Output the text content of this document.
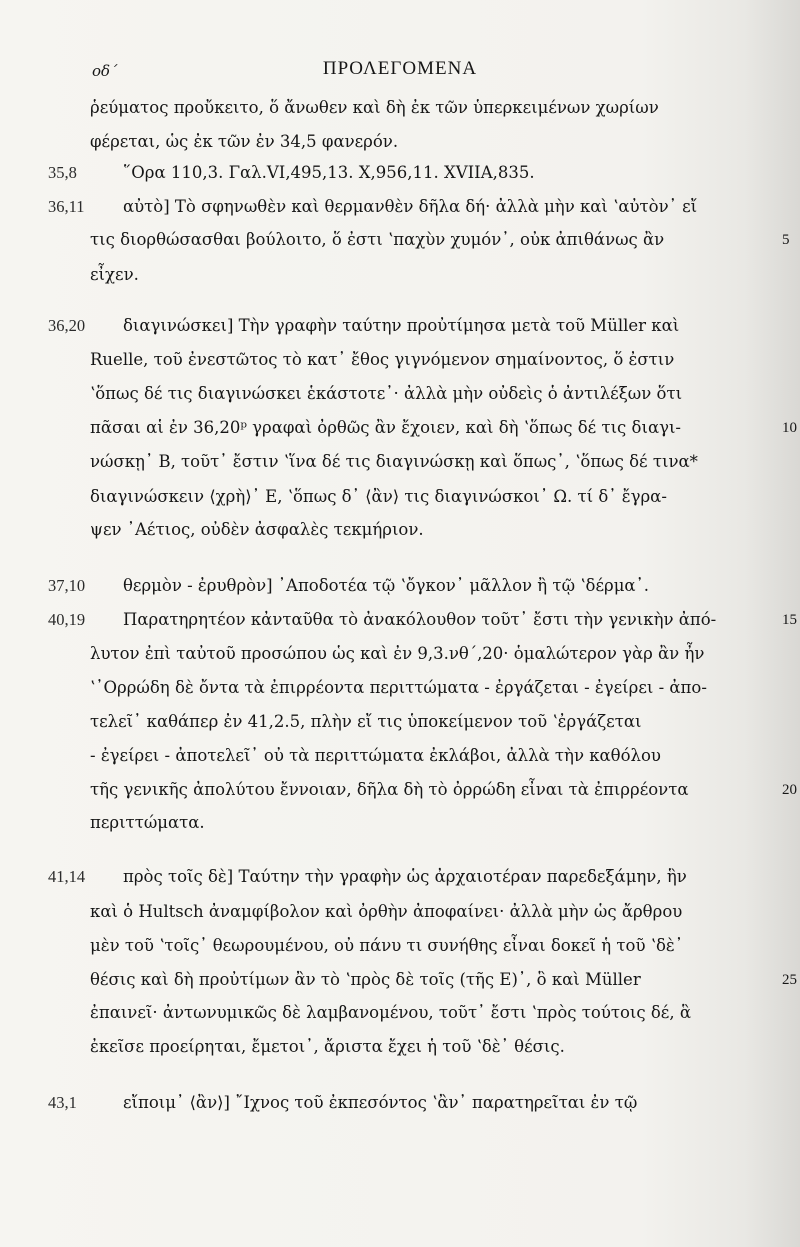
οδ΄	ΠΡΟΛΕΓΟΜΕΝΑ
ῥεύματος προὔκειτο, ὅ ἄνωθεν καὶ δὴ ἐκ τῶν ὑπερκειμένων χωρίων
φέρεται, ὡς ἐκ τῶν ἐν 34,5 φανερόν.
35,8	῞Ορα 110,3. Γαλ.VI,495,13. X,956,11. XVIIA,835.
36,11 αὐτὸ] Τὸ σφηνωθὲν καὶ θερμανθὲν δῆλα δή· ἀλλὰ μὴν καὶ ʽαὐτὸν᾽ εἴ
τις διορθώσασθαι βούλοιτο, ὅ ἐστι ʽπαχὺν χυμόν᾽, οὐκ ἀπιθάνως ἂν	5
εἶχεν.
36,20 διαγινώσκει] Τὴν γραφὴν ταύτην προὐτίμησα μετὰ τοῦ Müller καὶ
Ruelle, τοῦ ἐνεστῶτος τὸ κατ᾽ ἔθος γιγνόμενον σημαίνοντος, ὅ ἐστιν
ʽὅπως δέ τις διαγινώσκει ἑκάστοτε᾽· ἀλλὰ μὴν οὐδεὶς ὁ ἀντιλέξων ὅτι
πᾶσαι αἱ ἐν 36,20ᵖ γραφαὶ ὀρθῶς ἂν ἔχοιεν, καὶ δὴ ʽὅπως δέ τις διαγι-	10
νώσκῃ᾽ B, τοῦτ᾽ ἔστιν ʽἵνα δέ τις διαγινώσκῃ καὶ ὅπως᾽, ʽὅπως δέ τινα*
διαγινώσκειν ⟨χρὴ⟩᾽ E, ʽὅπως δ᾽ ⟨ἂν⟩ τις διαγινώσκοι᾽ Ω. τί δ᾽ ἔγρα-
ψεν ᾽Αέτιος, οὐδὲν ἀσφαλὲς τεκμήριον.
37,10 θερμὸν - ἐρυθρὸν] ᾽Αποδοτέα τῷ ʽὄγκον᾽ μᾶλλον ἢ τῷ ʽδέρμα᾽.
40,19 Παρατηρητέον κἀνταῦθα τὸ ἀνακόλουθον τοῦτ᾽ ἔστι τὴν γενικὴν ἀπό-	15
λυτον ἐπὶ ταὐτοῦ προσώπου ὡς καὶ ἐν 9,3.νθ΄,20· ὁμαλώτερον γὰρ ἂν ἦν
ʽ᾽Ορρώδη δὲ ὄντα τὰ ἐπιρρέοντα περιττώματα - ἐργάζεται - ἐγείρει - ἀπο-
τελεῖ᾽ καθάπερ ἐν 41,2.5, πλὴν εἴ τις ὑποκείμενον τοῦ ʽἐργάζεται
- ἐγείρει - ἀποτελεῖ᾽ οὐ τὰ περιττώματα ἐκλάβοι, ἀλλὰ τὴν καθόλου
τῆς γενικῆς ἀπολύτου ἔννοιαν, δῆλα δὴ τὸ ὀρρώδη εἶναι τὰ ἐπιρρέοντα	20
περιττώματα.
41,14 πρὸς τοῖς δὲ] Ταύτην τὴν γραφὴν ὡς ἀρχαιοτέραν παρεδεξάμην, ἣν
καὶ ὁ Hultsch ἀναμφίβολον καὶ ὀρθὴν ἀποφαίνει· ἀλλὰ μὴν ὡς ἄρθρου
μὲν τοῦ ʽτοῖς᾽ θεωρουμένου, οὐ πάνυ τι συνήθης εἶναι δοκεῖ ἡ τοῦ ʽδὲ᾽
θέσις καὶ δὴ προὐτίμων ἂν τὸ ʽπρὸς δὲ τοῖς (τῆς E)᾽, ὃ καὶ Müller	25
ἐπαινεῖ· ἀντωνυμικῶς δὲ λαμβανομένου, τοῦτ᾽ ἔστι ʽπρὸς τούτοις δέ, ἃ
ἐκεῖσε προείρηται, ἔμετοι᾽, ἄριστα ἔχει ἡ τοῦ ʽδὲ᾽ θέσις.
43,1	εἴποιμ᾽ ⟨ἂν⟩] ῎Ιχνος τοῦ ἐκπεσόντος ʽἂν᾽ παρατηρεῖται ἐν τῷ
